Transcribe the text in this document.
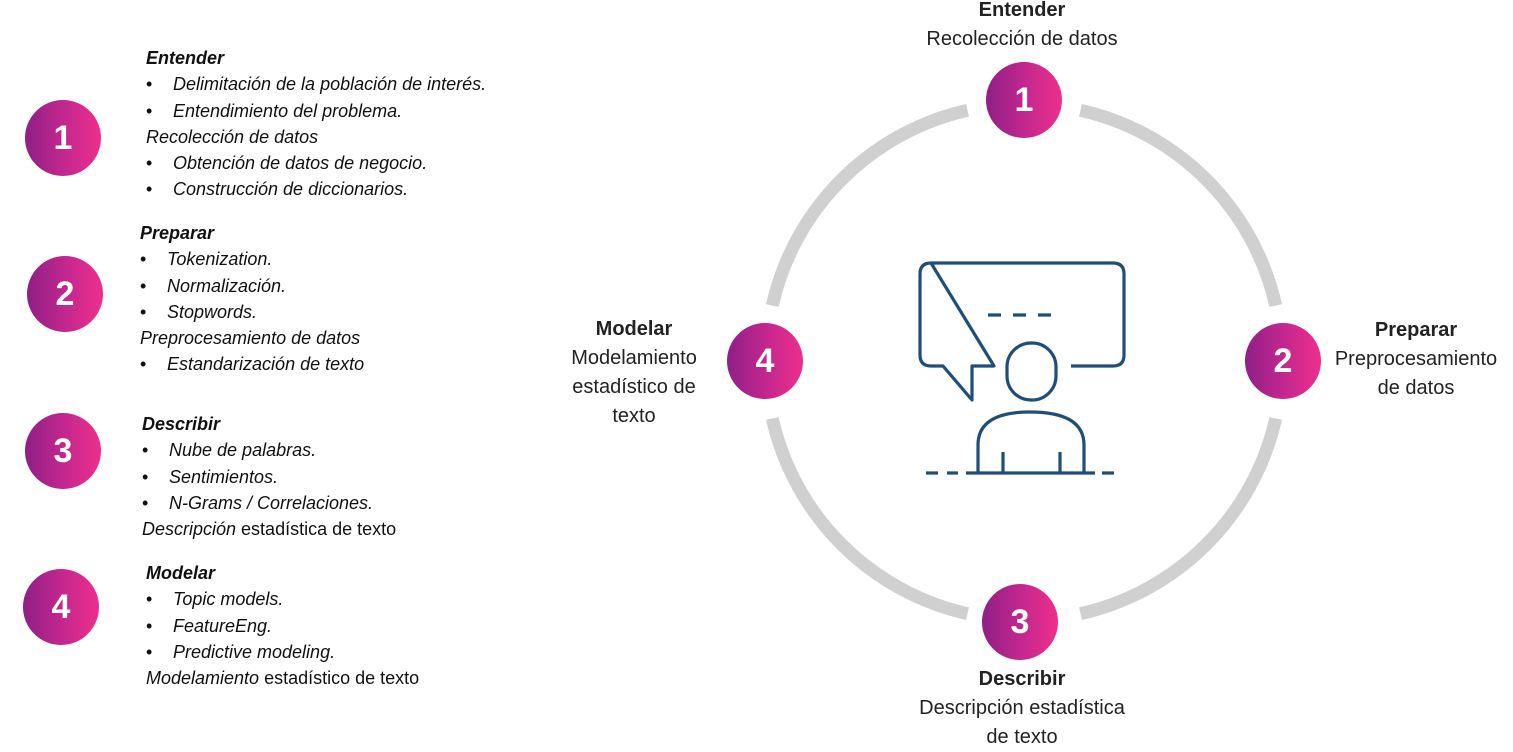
1
2
3
4
Entender
Recolección de datos
Preparar
Preprocesamiento
de datos
Describir
Descripción estadística
de texto
Modelar
Modelamiento
estadístico de
texto
1
2
3
4
Entender
• Delimitación de la población de interés.
• Entendimiento del problema.
Recolección de datos
• Obtención de datos de negocio.
• Construcción de diccionarios.
Preparar
• Tokenization.
• Normalización.
• Stopwords.
Preprocesamiento de datos
• Estandarización de texto
Describir
• Nube de palabras.
• Sentimientos.
• N-Grams / Correlaciones.
Descripción estadística de texto
Modelar
• Topic models.
• FeatureEng.
• Predictive modeling.
Modelamiento estadístico de texto
